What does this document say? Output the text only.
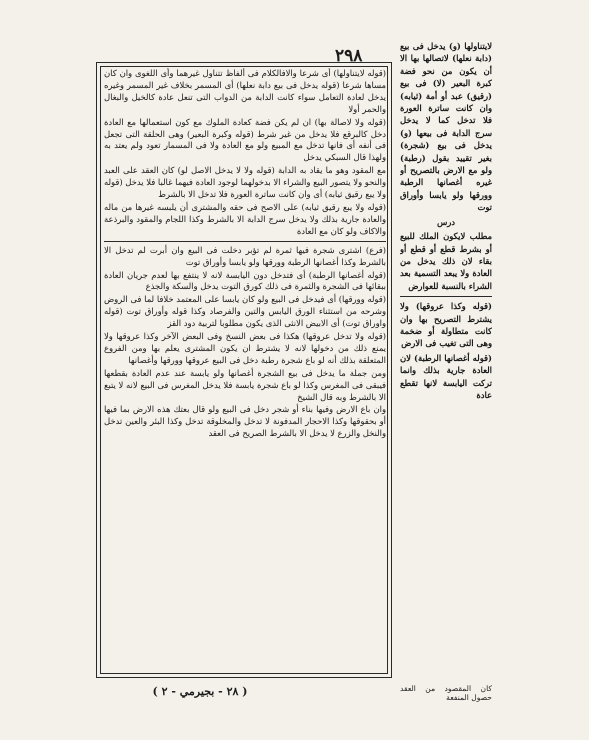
٢٩٨

(قوله لايتناولها) أى شرعا والافالكلام فى ألفاظ تتناول غيرهما وأى اللغوى وان كان مساها شرعا (قوله يدخل فى بيع دابة نعلها) أى المسمر بخلاف غير المسمر وغيره يدخل لعادة التعامل سواء كانت الدابة من الدواب التى تنعل عادة كالخيل والبغال والحمر أولا

(قوله ولا لاصالة بها) ان لم يكن فضة كعادة الملوك مع كون استعمالها مع العادة دخل كالبرقع فلا يدخل من غير شرط (قوله وكبرة البعير) وهى الحلقة التى تجعل فى أنفه أى فانها تدخل مع المبيع ولو مع العادة ولا فى المسمار تعود ولم يعتد به ولهذا قال السبكي يدخل

مع المقود وهو ما يقاد به الدابة (قوله ولا لا يدخل الاصل لو) كان العقد على العبد والنحو ولا يتصور البيع والشراء الا بدخولهما لوجود العادة فيهما غالبا فلا يدخل (قوله ولا يبع رقيق ثيابه) أى وان كانت ساترة العورة فلا تدخل الا بالشرط

(قوله ولا يبع رقيق ثيابه) على الاصح فى حقه والمشترى أن يلبسه غيرها من ماله والعادة جارية بذلك ولا يدخل سرج الدابة الا بالشرط وكذا اللجام والمقود والبرذعة والاكاف ولو كان مع العادة

(فرع) اشترى شجرة فيها ثمرة لم تؤبر دخلت فى البيع وان أبرت لم تدخل الا بالشرط وكذا أغصانها الرطبة وورقها ولو يابسا وأوراق توت

(قوله أغصانها الرطبة) أى فتدخل دون اليابسة لانه لا ينتفع بها لعدم جريان العادة ببقائها فى الشجرة والثمرة فى ذلك كورق التوت يدخل والسكة والجذع

(قوله وورقها) أى فيدخل فى البيع ولو كان يابسا على المعتمد خلافا لما فى الروض وشرحه من استثناء الورق اليابس والتين والفرصاد وكذا قوله وأوراق توت (قوله واوراق توت) أى الابيض الانثى الذى يكون مطلوبا لتربية دود القز

(قوله ولا تدخل عروقها) هكذا فى بعض النسخ وفى البعض الآخر وكذا عروقها ولا يمنع ذلك من دخولها لانه لا يشترط ان يكون المشترى يعلم بها ومن الفروع المتعلقة بذلك أنه لو باع شجرة رطبة دخل فى البيع عروقها وورقها وأغصانها

ومن جملة ما يدخل فى بيع الشجرة أغصانها ولو يابسة عند عدم العادة بقطعها فيبقى فى المغرس وكذا لو باع شجرة يابسة فلا يدخل المغرس فى البيع لانه لا يتبع الا بالشرط وبه قال الشيخ

وان باع الارض وفيها بناء أو شجر دخل فى البيع ولو قال بعتك هذه الارض بما فيها أو بحقوقها وكذا الاحجار المدفونة لا تدخل والمخلوقة تدخل وكذا البئر والعين تدخل والنخل والزرع لا يدخل الا بالشرط الصريح فى العقد

لايتناولها (و) يدخل فى بيع (دابة نعلها) لاتصالها بها الا أن يكون من نحو فضة كبرة البعير (لا) فى بيع (رقيق) عبد أو أمة (ثيابه) وان كانت ساترة العورة فلا تدخل كما لا يدخل سرج الدابة فى بيعها (و) يدخل فى بيع (شجرة) بغير تقييد بقول (رطبة) ولو مع الارض بالتصريح أو غيره أغصانها الرطبة وورقها ولو يابسا وأوراق توت

درس

مطلب لايكون الملك للبيع أو بشرط قطع أو قطع أو بقاء لان ذلك يدخل من العادة ولا يبعد التسمية بعد الشراء بالنسبة للعوارض

(قوله وكذا عروقها) ولا يشترط التصريح بها وان كانت متطاولة أو ضخمة وهى التى تغيب فى الارض

(قوله أغصانها الرطبة) لان العادة جارية بذلك وانما تركت اليابسة لانها تقطع عادة

( ٢٨ - بجيرمي - ٢ )	كان المقصود من العقد حصول المنفعة
